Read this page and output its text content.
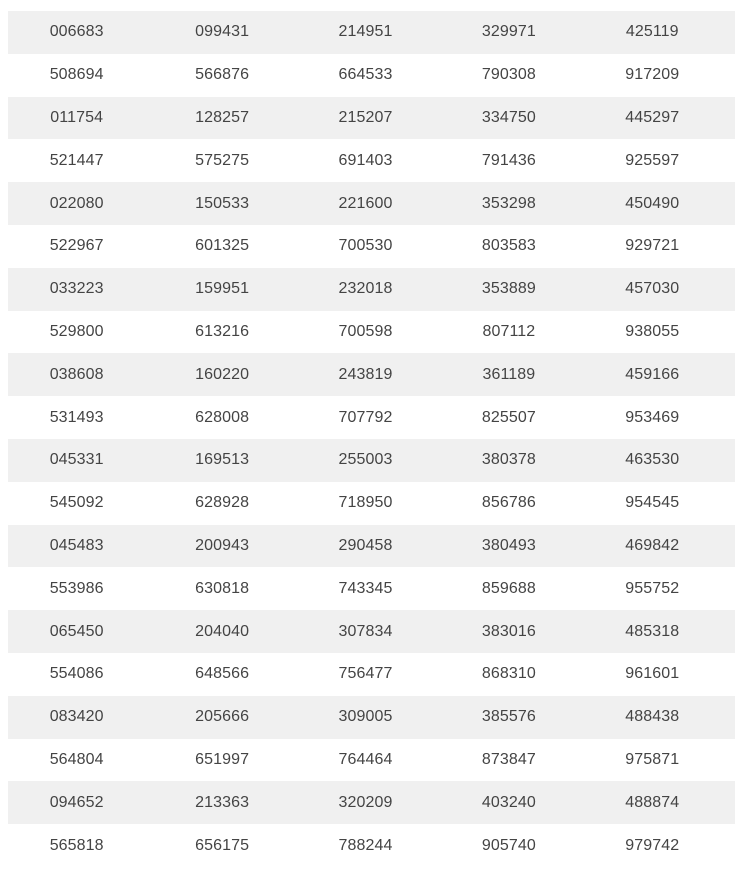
006683	099431	214951	329971	425119
508694	566876	664533	790308	917209
011754	128257	215207	334750	445297
521447	575275	691403	791436	925597
022080	150533	221600	353298	450490
522967	601325	700530	803583	929721
033223	159951	232018	353889	457030
529800	613216	700598	807112	938055
038608	160220	243819	361189	459166
531493	628008	707792	825507	953469
045331	169513	255003	380378	463530
545092	628928	718950	856786	954545
045483	200943	290458	380493	469842
553986	630818	743345	859688	955752
065450	204040	307834	383016	485318
554086	648566	756477	868310	961601
083420	205666	309005	385576	488438
564804	651997	764464	873847	975871
094652	213363	320209	403240	488874
565818	656175	788244	905740	979742
